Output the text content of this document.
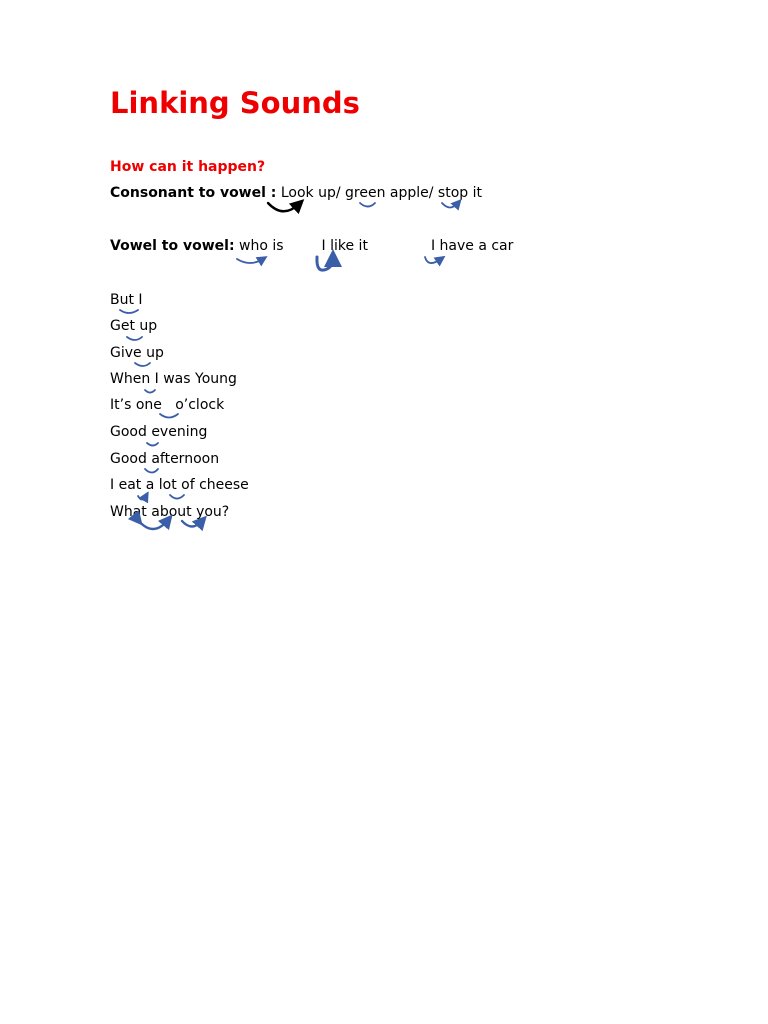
Linking Sounds
How can it happen?
Consonant to vowel : Look up/ green apple/ stop it
Vowel to vowel: who is	I like it	I have a car
But I
Get up
Give up
When I was Young
It’s one   o’clock
Good evening
Good afternoon
I eat a lot of cheese
What about you?
